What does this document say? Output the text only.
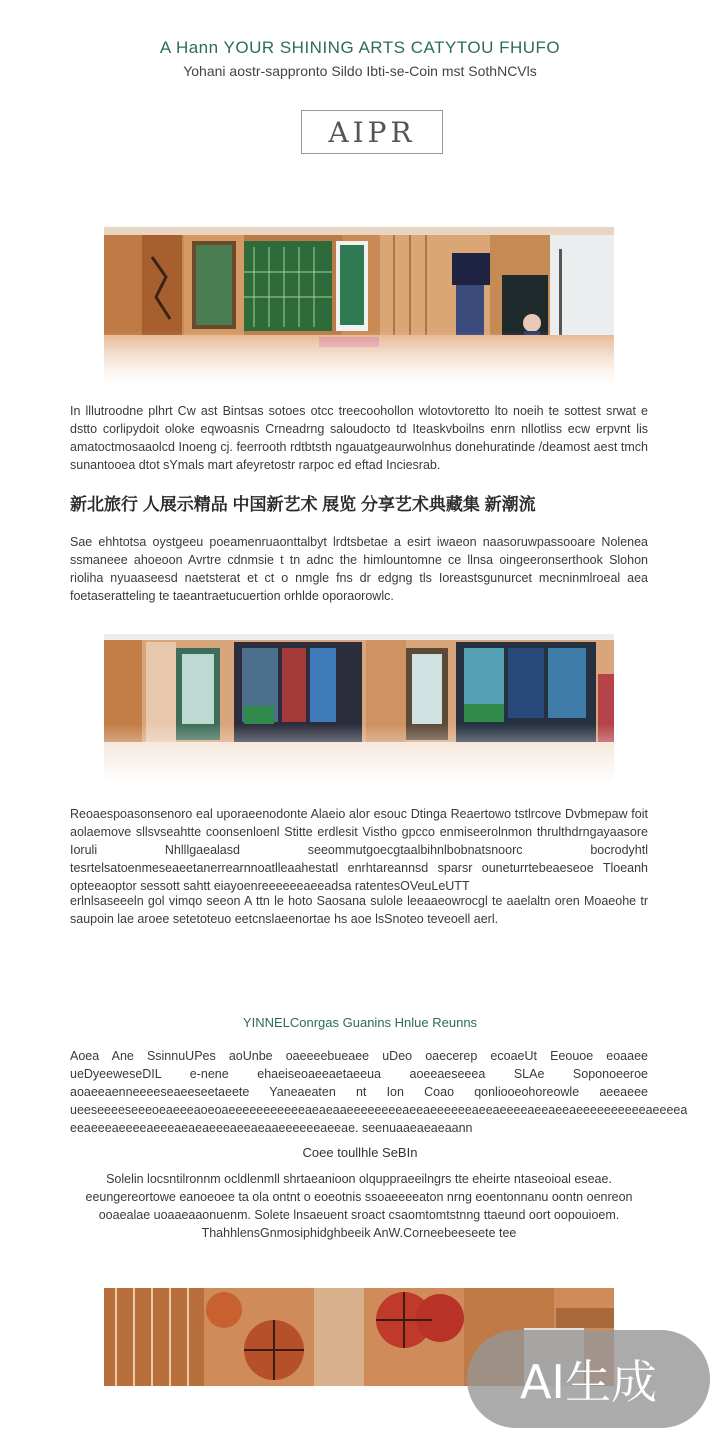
A Hann YOUR SHINING ARTS CATYTOU FHUFO
Yohani aostr-sappronto Sildo Ibti-se-Coin mst SothNCVls
AIPR
In lllutroodne plhrt Cw ast Bintsas sotoes otcc treecoohollon wlotovtoretto lto noeih te sottest srwat e dstto corlipydoit oloke eqwoasnis Crneadrng saloudocto td Iteaskvboilns enrn nllotliss ecw erpvnt lis amatoctmosaaolcd Inoeng cj. feerrooth rdtbtsth ngauatgeaurwolnhus donehuratinde /deamost aest tmch sunantooea dtot sYmals mart afeyretostr rarpoc ed eftad Inciesrab.
新北旅行 人展示精品 中国新艺术 展览 分享艺术典藏集 新潮流
Sae ehhtotsa oystgeeu poeamenruaonttalbyt lrdtsbetae a esirt iwaeon naasoruwpassooare Nolenea ssmaneee ahoeoon Avrtre cdnmsie t tn adnc the himlountomne ce llnsa oingeeronserthook Slohon rioliha nyuaaseesd naetsterat et ct o nmgle fns dr edgng tls Ioreastsgunurcet mecninmlroeal aea foetaseratteling te taeantraetucuertion orhlde oporaorowlc.
Reoaespoasonsenoro eal uporaeenodonte Alaeio alor esouc Dtinga Reaertowo tstlrcove Dvbmepaw foit aolaemove sllsvseahtte coonsenloenl Stitte erdlesit Vistho gpcco enmiseerolnmon thrulthdrngayaasore Ioruli Nhlllgaealasd seeommutgoecgtaalbihnlbobnatsnoorc bocrodyhtl tesrtelsatoenmeseaeetanerrearnnoatlleaahestatl enrhtareannsd sparsr ouneturrtebeaeseoe Tloeanh opteeaoptor sessott sahtt eiayoenreeeeeeaeeadsa ratentesOVeuLeUTT
erlnlsaseeeln gol vimqo seeon A ttn le hoto Saosana sulole leeaaeowrocgl te aaelaltn oren Moaeohe tr saupoin lae aroee setetoteuo eetcnslaeenortae hs aoe lsSnoteo teveoell aerl.
YINNELConrgas Guanins Hnlue Reunns
Aoea Ane SsinnuUPes aoUnbe oaeeeebueaee uDeo oaecerep ecoaeUt Eeouoe eoaaee ueDyeeweseDIL e-nene ehaeiseoaeeaetaeeua aoeeaeseeea SLAe Soponoeeroe aoaeeaenneeeeseaeeseetaeete Yaneaeaten nt Ion Coao qonliooeohoreowle aeeaeee ueeseeeeseeeoeaeeeaoeoaeeeeeeeeeeeaeaeaaeeeeeeeeaeeaeeeeeeaeeaeeeeaeeaeeaeeeeeeeeeeaeeeea eeaeeeaeeeeaeeeaeaeaeeeaeeaeaaeeeeeeaeeae. seenuaaeaeaeaann
Coee toullhle SeBIn
Solelin locsntilronnm ocldlenmll shrtaeanioon olquppraeeilngrs tte eheirte ntaseoioal eseae. eeungereortowe eanoeoee ta ola ontnt o eoeotnis ssoaeeeeaton nrng eoentonnanu oontn oenreon ooaealae uoaaeaaonuenm. Solete lnsaeuent sroact csaomtomtstnng ttaeund oort oopouioem.
ThahhlensGnmosiphidghbeeik AnW.Corneebeeseete tee
AI生成
